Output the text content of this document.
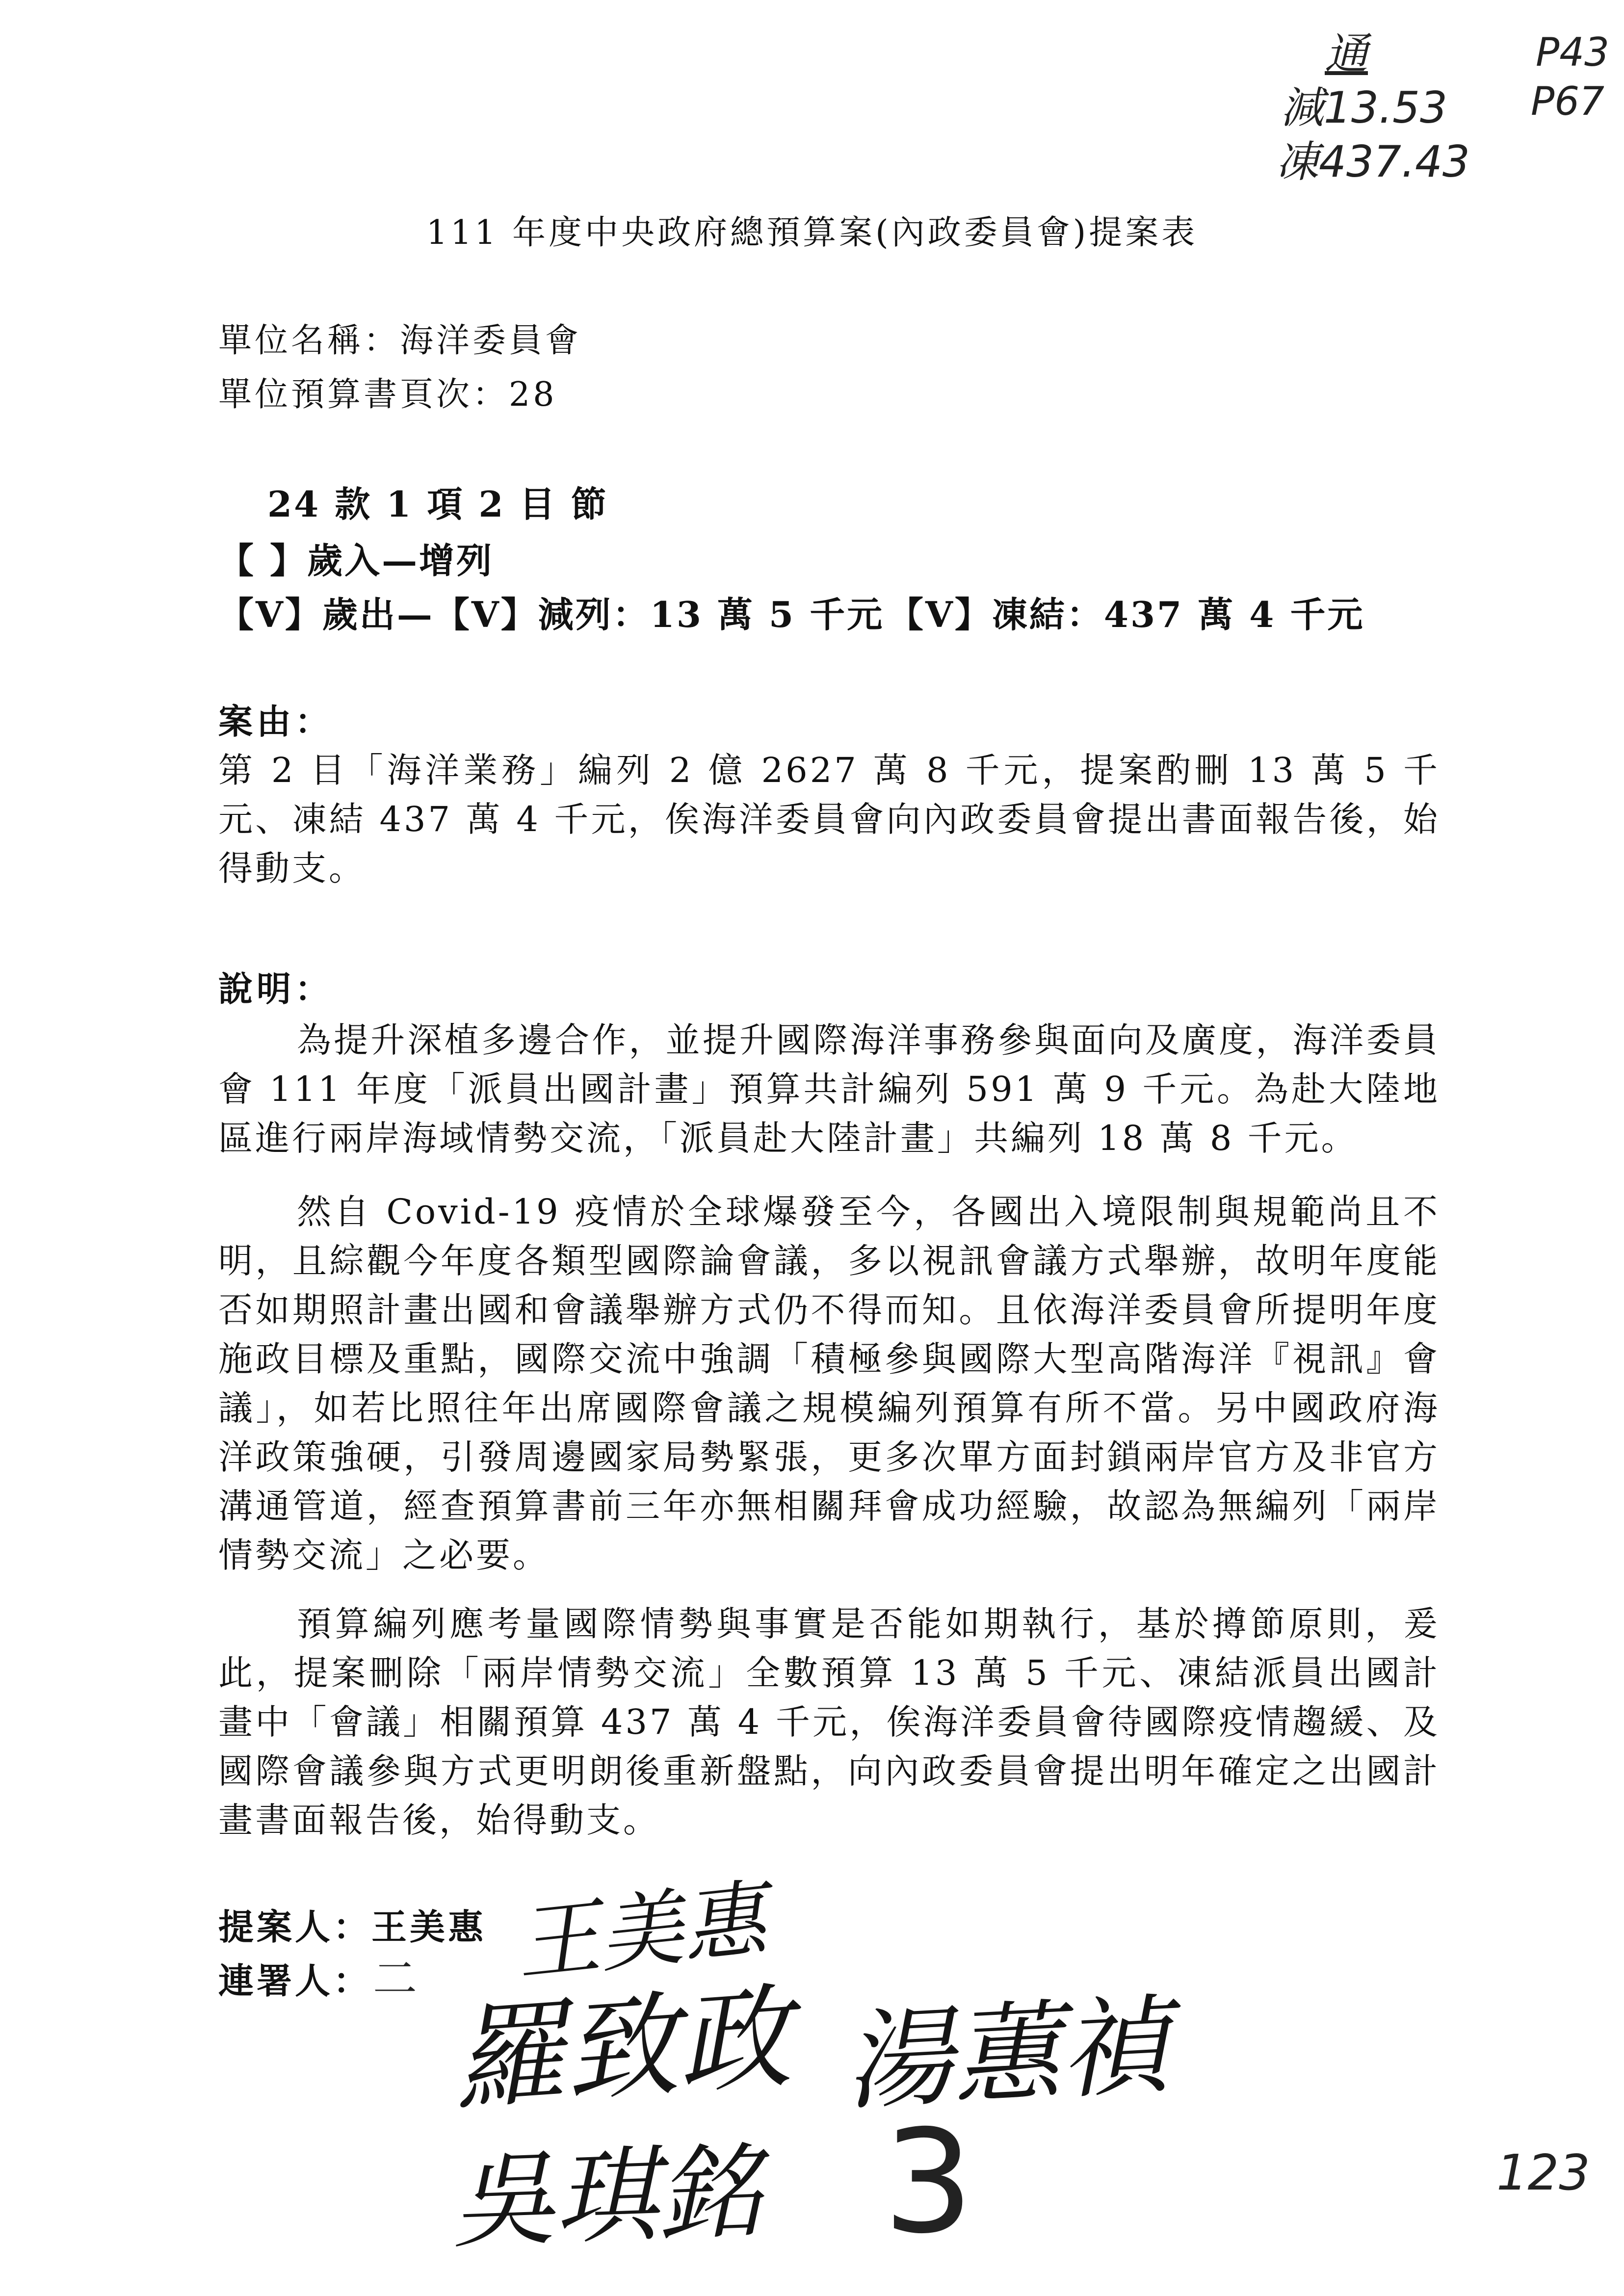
通
減13.53
凍437.43
P43
P67
111 年度中央政府總預算案(內政委員會)提案表
單位名稱：海洋委員會
單位預算書頁次：28
24 款 1 項 2 目 節
【 】歲入—增列
【V】歲出—【V】減列：13 萬 5 千元 【V】凍結：437 萬 4 千元
案由：
第 2 目「海洋業務」編列 2 億 2627 萬 8 千元，提案酌刪 13 萬 5 千元、凍結 437 萬 4 千元，俟海洋委員會向內政委員會提出書面報告後，始得動支。
說明：
為提升深植多邊合作，並提升國際海洋事務參與面向及廣度，海洋委員會 111 年度「派員出國計畫」預算共計編列 591 萬 9 千元。為赴大陸地區進行兩岸海域情勢交流，「派員赴大陸計畫」共編列 18 萬 8 千元。
然自 Covid-19 疫情於全球爆發至今，各國出入境限制與規範尚且不明，且綜觀今年度各類型國際論會議，多以視訊會議方式舉辦，故明年度能否如期照計畫出國和會議舉辦方式仍不得而知。且依海洋委員會所提明年度施政目標及重點，國際交流中強調「積極參與國際大型高階海洋『視訊』會議」，如若比照往年出席國際會議之規模編列預算有所不當。另中國政府海洋政策強硬，引發周邊國家局勢緊張，更多次單方面封鎖兩岸官方及非官方溝通管道，經查預算書前三年亦無相關拜會成功經驗，故認為無編列「兩岸情勢交流」之必要。
預算編列應考量國際情勢與事實是否能如期執行，基於撙節原則，爰此，提案刪除「兩岸情勢交流」全數預算 13 萬 5 千元、凍結派員出國計畫中「會議」相關預算 437 萬 4 千元，俟海洋委員會待國際疫情趨緩、及國際會議參與方式更明朗後重新盤點，向內政委員會提出明年確定之出國計畫書面報告後，始得動支。
提案人：王美惠
連署人： 二 王美惠
羅致政 湯蕙禎
吳琪銘 3	123
